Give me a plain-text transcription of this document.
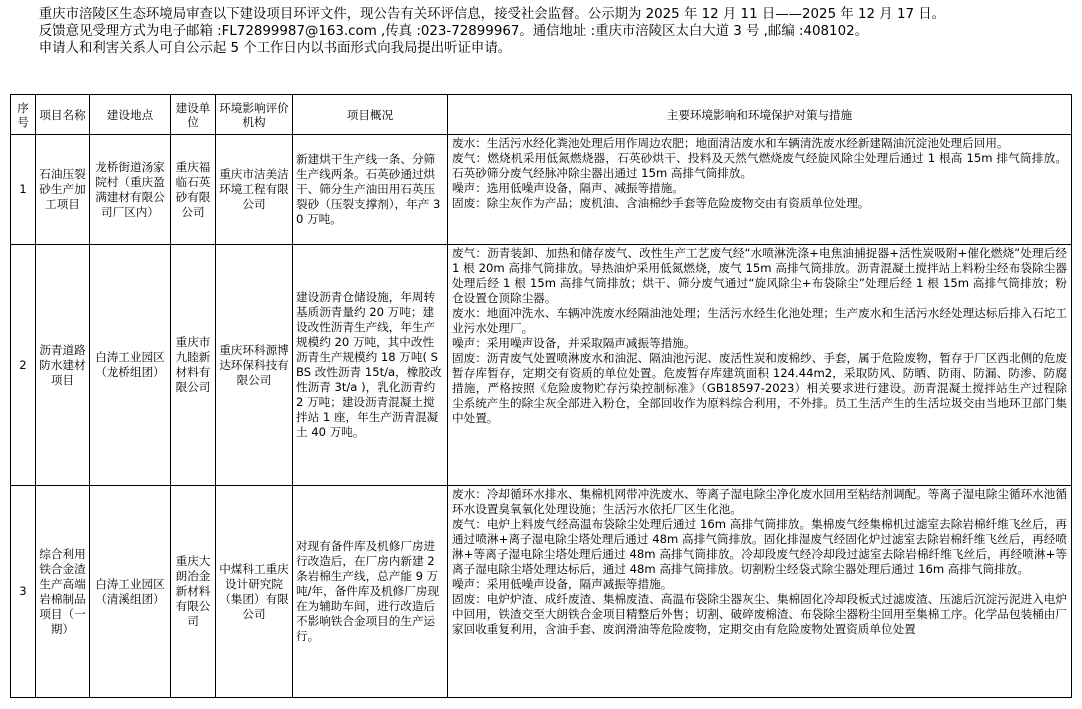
重庆市涪陵区生态环境局审查以下建设项目环评文件，现公告有关环评信息，接受社会监督。公示期为 2025 年 12 月 11 日——2025 年 12 月 17 日。

反馈意见受理方式为电子邮箱 :FL72899987@163.com ,传真 :023-72899967。通信地址 :重庆市涪陵区太白大道 3 号 ,邮编 :408102。

申请人和利害关系人可自公示起 5 个工作日内以书面形式向我局提出听证申请。

序号	项目名称	建设地点	建设单位	环境影响评价机构	项目概况	主要环境影响和环境保护对策与措施
1	石油压裂砂生产加工项目	龙桥街道汤家院村（重庆盈满建材有限公司厂区内）	重庆福临石英砂有限公司	重庆市洁美洁环境工程有限公司	新建烘干生产线一条、分筛生产线两条。石英砂通过烘干、筛分生产油田用石英压裂砂（压裂支撑剂），年产 30 万吨。	废水：生活污水经化粪池处理后用作周边农肥；地面清洁废水和车辆清洗废水经新建隔油沉淀池处理后回用。
废气：燃烧机采用低氮燃烧器，石英砂烘干、投料及天然气燃烧废气经旋风除尘处理后通过 1 根高 15m 排气筒排放。石英砂筛分废气经脉冲除尘器出通过 15m 高排气筒排放。
噪声：选用低噪声设备，隔声、减振等措施。
固废：除尘灰作为产品；废机油、含油棉纱手套等危险废物交由有资质单位处理。

2	沥青道路防水建材项目	白涛工业园区（龙桥组团）	重庆市九睦新材料有限公司	重庆环科源博达环保科技有限公司	建设沥青仓储设施，年周转基质沥青量约 20 万吨；建设改性沥青生产线，年生产规模约 20 万吨，其中改性沥青生产规模约 18 万吨( SBS 改性沥青 15t/a，橡胶改性沥青 3t/a )，乳化沥青约 2 万吨；建设沥青混凝土搅拌站 1 座，年生产沥青混凝土 40 万吨。	废气：沥青装卸、加热和储存废气、改性生产工艺废气经“水喷淋洗涤+电焦油捕捉器+活性炭吸附+催化燃烧”处理后经 1 根 20m 高排气筒排放。导热油炉采用低氮燃烧，废气 15m 高排气筒排放。沥青混凝土搅拌站上料粉尘经布袋除尘器处理后经 1 根 15m 高排气筒排放；烘干、筛分废气通过“旋风除尘+布袋除尘”处理后经 1 根 15m 高排气筒排放；粉仓设置仓顶除尘器。
废水：地面冲洗水、车辆冲洗废水经隔油池处理；生活污水经生化池处理；生产废水和生活污水经处理达标后排入石坨工业污水处理厂。
噪声：采用噪声设备，并采取隔声减振等措施。
固废：沥青废气处置喷淋废水和油泥、隔油池污泥、废活性炭和废棉纱、手套，属于危险废物，暂存于厂区西北侧的危废暂存库暂存，定期交有资质的单位处置。危废暂存库建筑面积 124.44m2，采取防风、防晒、防雨、防漏、防渗、防腐措施，严格按照《危险废物贮存污染控制标准》（GB18597-2023）相关要求进行建设。沥青混凝土搅拌站生产过程除尘系统产生的除尘灰全部进入粉仓，全部回收作为原料综合利用，不外排。员工生活产生的生活垃圾交由当地环卫部门集中处置。

3	综合利用铁合金渣生产高端岩棉制品项目（一期）	白涛工业园区（清溪组团）	重庆大朗冶金新材料有限公司	中煤科工重庆设计研究院（集团）有限公司	对现有备件库及机修厂房进行改造后，在厂房内新建 2 条岩棉生产线，总产能 9 万吨/年，备件库及机修厂房现在为辅助车间，进行改造后不影响铁合金项目的生产运行。	废水：冷却循环水排水、集棉机网带冲洗废水、等离子湿电除尘净化废水回用至粘结剂调配。等离子湿电除尘循环水池循环水设置臭氧氧化处理设施；生活污水依托厂区生化池。
废气：电炉上料废气经高温布袋除尘处理后通过 16m 高排气筒排放。集棉废气经集棉机过滤室去除岩棉纤维飞丝后，再通过喷淋+离子湿电除尘塔处理后通过 48m 高排气筒排放。固化排湿废气经固化炉过滤室去除岩棉纤维飞丝后，再经喷淋+等离子湿电除尘塔处理后通过 48m 高排气筒排放。冷却段废气经冷却段过滤室去除岩棉纤维飞丝后，再经喷淋+等离子湿电除尘塔处理达标后，通过 48m 高排气筒排放。切割粉尘经袋式除尘器处理后通过 16m 高排气筒排放。
噪声：采用低噪声设备，隔声减振等措施。
固废：电炉炉渣、成纤废渣、集棉废渣、高温布袋除尘器灰尘、集棉固化冷却段板式过滤废渣、压滤后沉淀污泥进入电炉中回用，铁渣交至大朗铁合金项目精整后外售；切割、破碎废棉渣、布袋除尘器粉尘回用至集棉工序。化学品包装桶由厂家回收重复利用，含油手套、废润滑油等危险废物，定期交由有危险废物处置资质单位处置
